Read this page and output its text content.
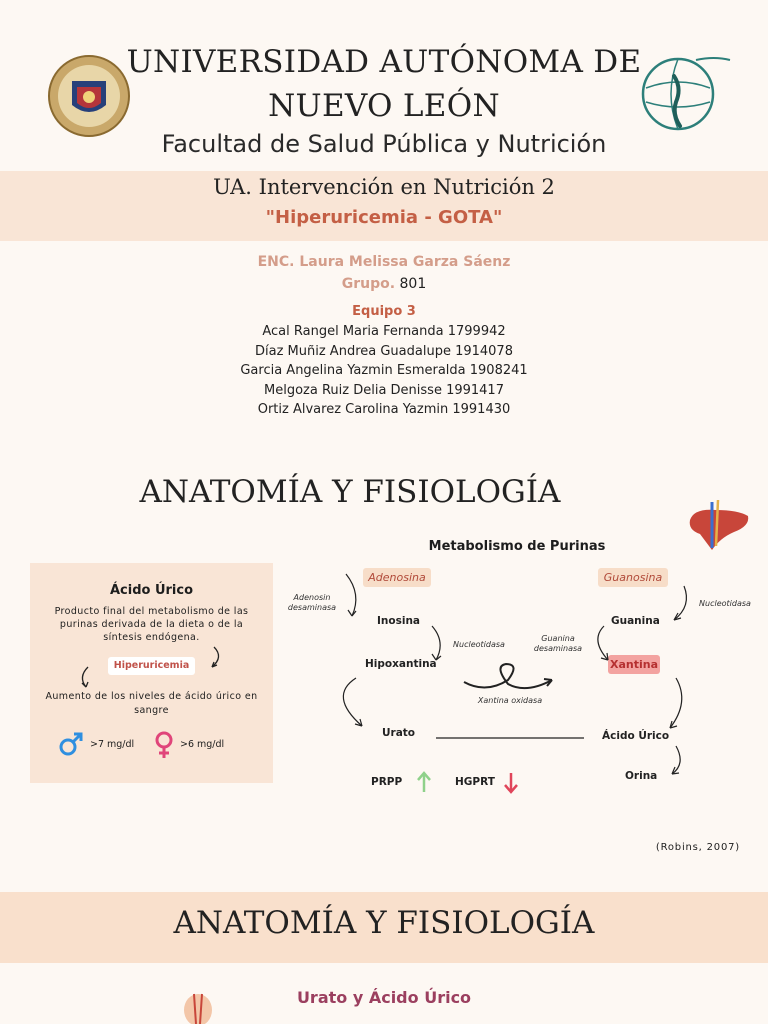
UNIVERSIDAD AUTÓNOMA DE NUEVO LEÓN
Facultad de Salud Pública y Nutrición
UA. Intervención en Nutrición 2
"Hiperuricemia - GOTA"
ENC. Laura Melissa Garza Sáenz
Grupo. 801
Equipo 3
Acal Rangel Maria Fernanda 1799942
Díaz Muñiz Andrea Guadalupe 1914078
Garcia Angelina Yazmin Esmeralda 1908241
Melgoza Ruiz Delia Denisse 1991417
Ortiz Alvarez Carolina Yazmin 1991430
ANATOMÍA Y FISIOLOGÍA
Metabolismo de Purinas
Ácido Úrico
Producto final del metabolismo de las purinas derivada de la dieta o de la síntesis endógena.
Hiperuricemia
Aumento de los niveles de ácido úrico en sangre
>7 mg/dl	>6 mg/dl
Adenosina	Guanosina
Adenosin desaminasa	Nucleotidasa
Inosina	Guanina
Nucleotidasa
Guanina desaminasa
Hipoxantina	Xantina
Xantina oxidasa
Urato	Ácido Úrico
PRPP	HGPRT	Orina
(Robins, 2007)
ANATOMÍA Y FISIOLOGÍA
Urato y Ácido Úrico
